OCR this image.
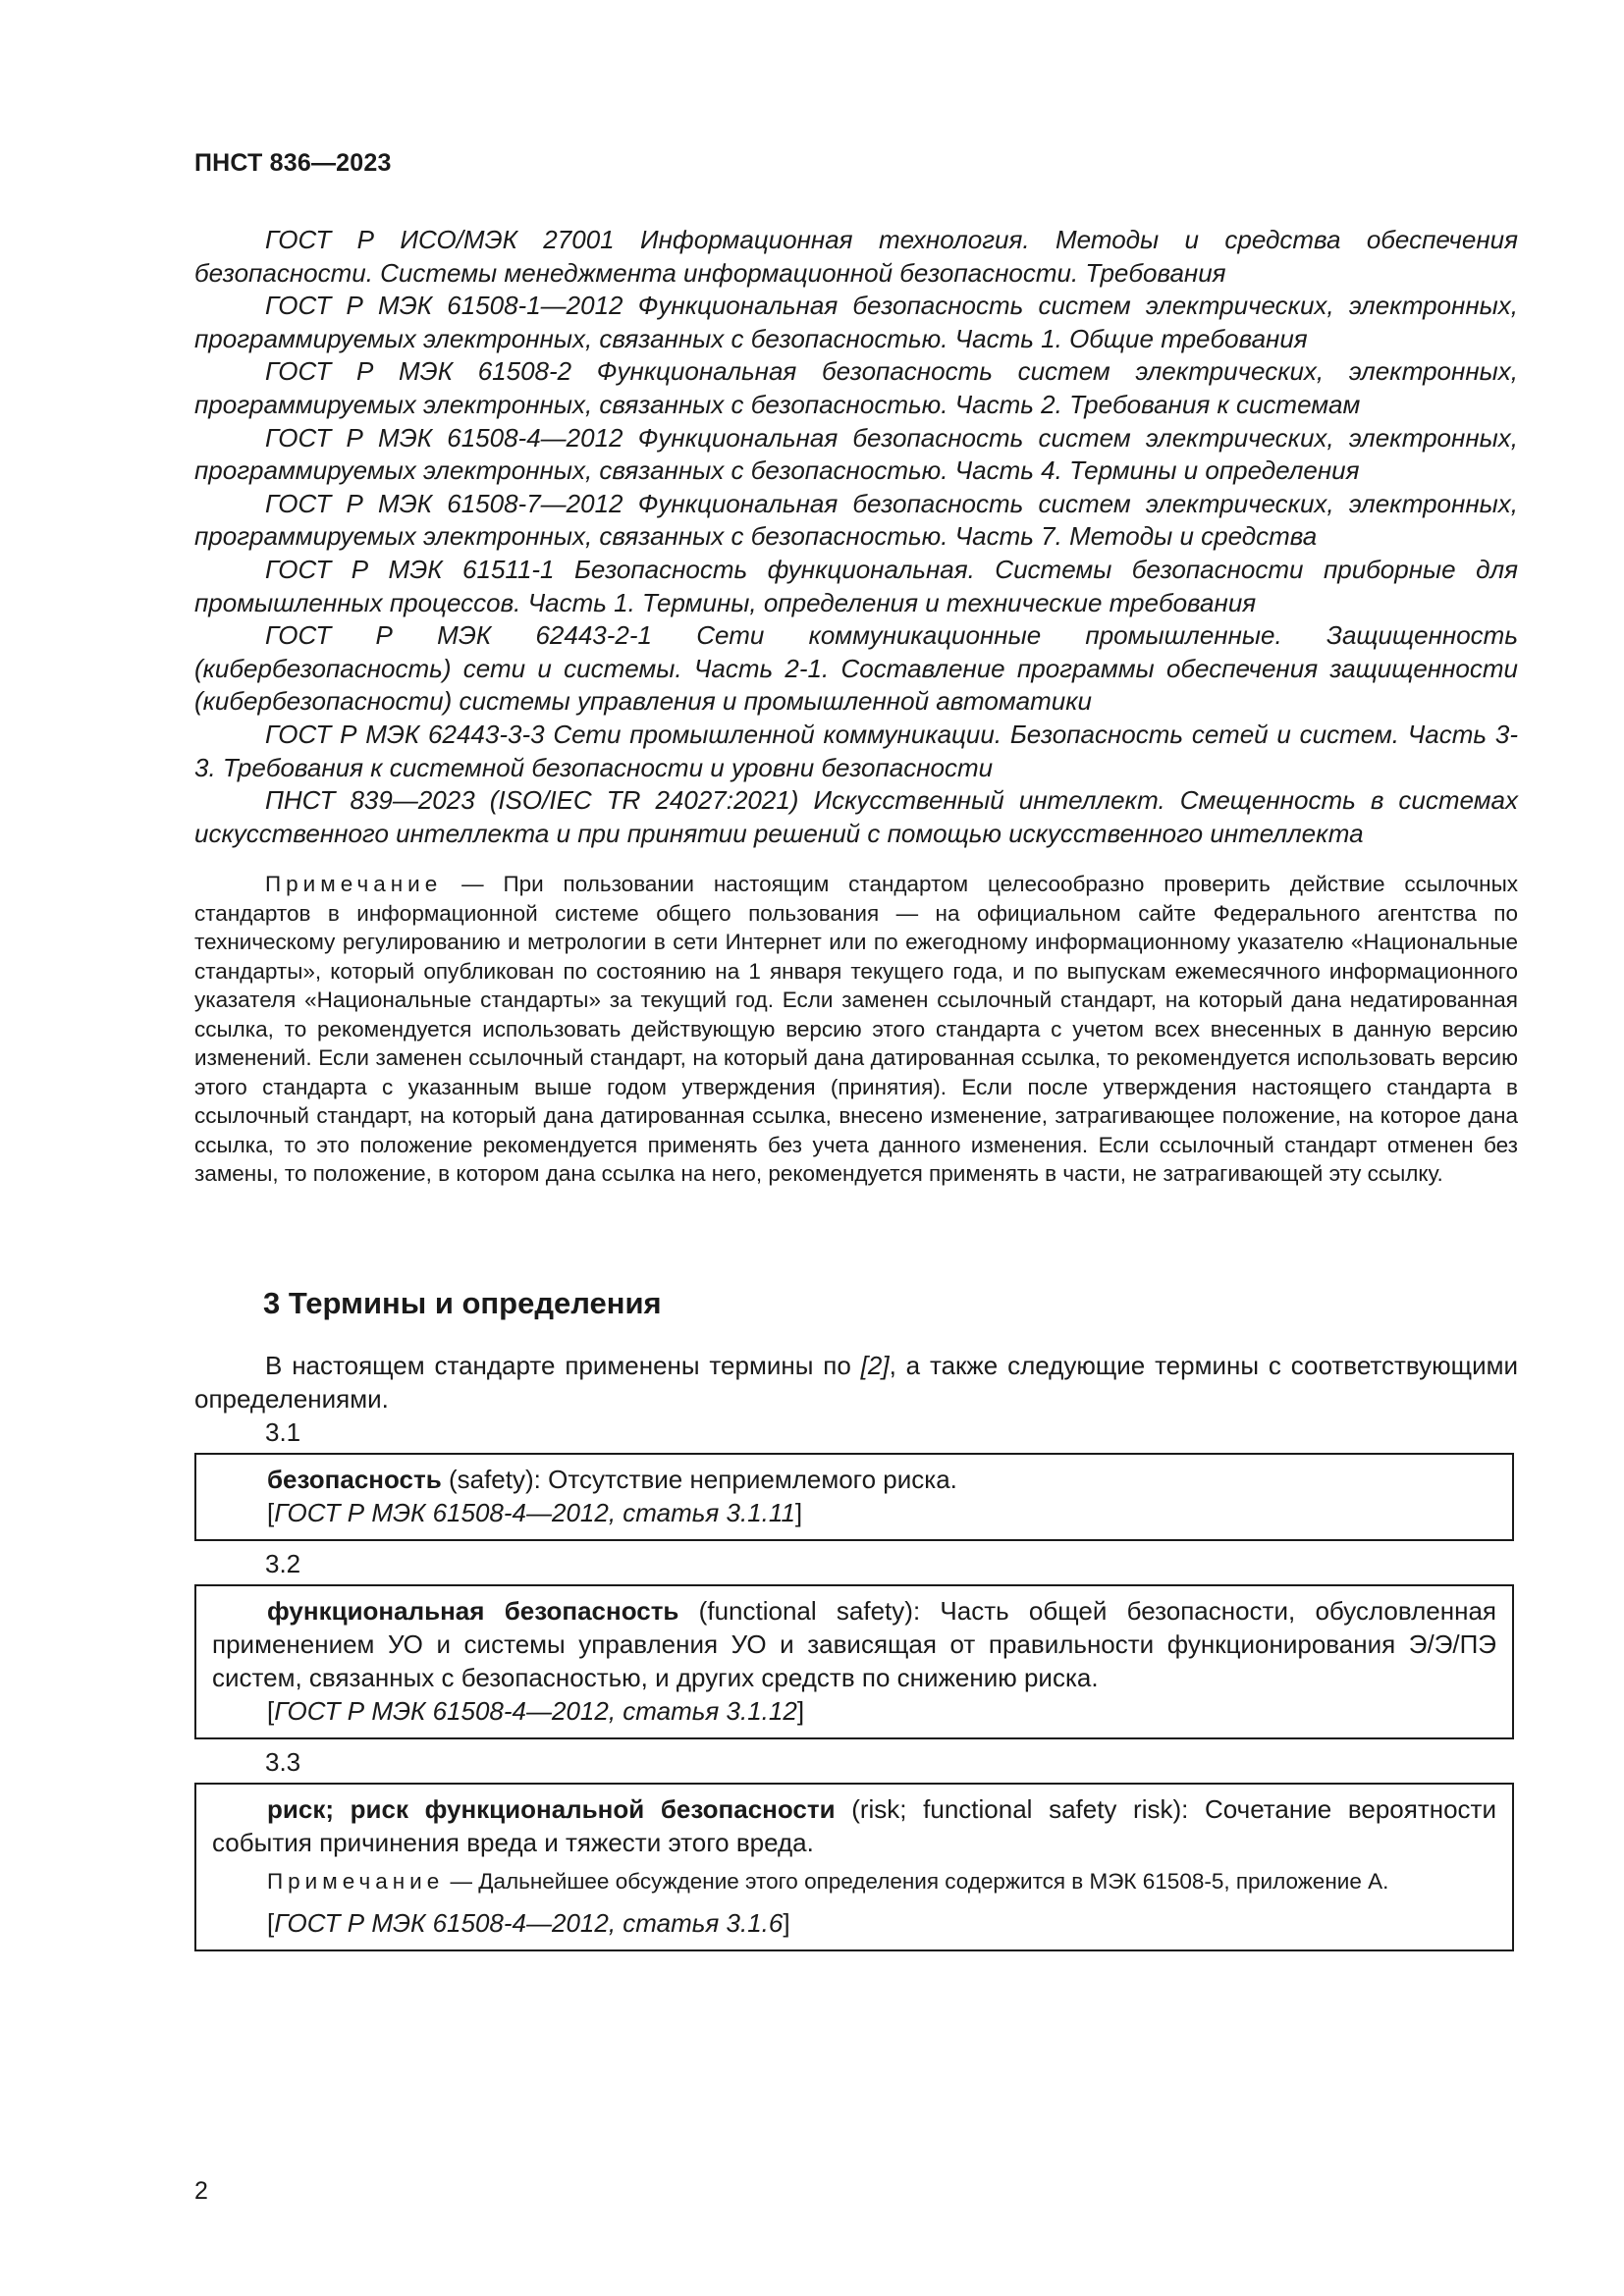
ПНСТ 836—2023

ГОСТ Р ИСО/МЭК 27001 Информационная технология. Методы и средства обеспечения безопасности. Системы менеджмента информационной безопасности. Требования

ГОСТ Р МЭК 61508-1—2012 Функциональная безопасность систем электрических, электронных, программируемых электронных, связанных с безопасностью. Часть 1. Общие требования

ГОСТ Р МЭК 61508-2 Функциональная безопасность систем электрических, электронных, программируемых электронных, связанных с безопасностью. Часть 2. Требования к системам

ГОСТ Р МЭК 61508-4—2012 Функциональная безопасность систем электрических, электронных, программируемых электронных, связанных с безопасностью. Часть 4. Термины и определения

ГОСТ Р МЭК 61508-7—2012 Функциональная безопасность систем электрических, электронных, программируемых электронных, связанных с безопасностью. Часть 7. Методы и средства

ГОСТ Р МЭК 61511-1 Безопасность функциональная. Системы безопасности приборные для промышленных процессов. Часть 1. Термины, определения и технические требования

ГОСТ Р МЭК 62443-2-1 Сети коммуникационные промышленные. Защищенность (кибербезопасность) сети и системы. Часть 2-1. Составление программы обеспечения защищенности (кибербезопасности) системы управления и промышленной автоматики

ГОСТ Р МЭК 62443-3-3 Сети промышленной коммуникации. Безопасность сетей и систем. Часть 3-3. Требования к системной безопасности и уровни безопасности

ПНСТ 839—2023 (ISO/IEC TR 24027:2021) Искусственный интеллект. Смещенность в системах искусственного интеллекта и при принятии решений с помощью искусственного интеллекта

Примечание — При пользовании настоящим стандартом целесообразно проверить действие ссылочных стандартов в информационной системе общего пользования — на официальном сайте Федерального агентства по техническому регулированию и метрологии в сети Интернет или по ежегодному информационному указателю «Национальные стандарты», который опубликован по состоянию на 1 января текущего года, и по выпускам ежемесячного информационного указателя «Национальные стандарты» за текущий год. Если заменен ссылочный стандарт, на который дана недатированная ссылка, то рекомендуется использовать действующую версию этого стандарта с учетом всех внесенных в данную версию изменений. Если заменен ссылочный стандарт, на который дана датированная ссылка, то рекомендуется использовать версию этого стандарта с указанным выше годом утверждения (принятия). Если после утверждения настоящего стандарта в ссылочный стандарт, на который дана датированная ссылка, внесено изменение, затрагивающее положение, на которое дана ссылка, то это положение рекомендуется применять без учета данного изменения. Если ссылочный стандарт отменен без замены, то положение, в котором дана ссылка на него, рекомендуется применять в части, не затрагивающей эту ссылку.

3 Термины и определения

В настоящем стандарте применены термины по [2], а также следующие термины с соответствующими определениями.

3.1

безопасность (safety): Отсутствие неприемлемого риска.

[ГОСТ Р МЭК 61508-4—2012, статья 3.1.11]

3.2

функциональная безопасность (functional safety): Часть общей безопасности, обусловленная применением УО и системы управления УО и зависящая от правильности функционирования Э/Э/ПЭ систем, связанных с безопасностью, и других средств по снижению риска.

[ГОСТ Р МЭК 61508-4—2012, статья 3.1.12]

3.3

риск; риск функциональной безопасности (risk; functional safety risk): Сочетание вероятности события причинения вреда и тяжести этого вреда.

Примечание — Дальнейшее обсуждение этого определения содержится в МЭК 61508-5, приложение А.

[ГОСТ Р МЭК 61508-4—2012, статья 3.1.6]

2
